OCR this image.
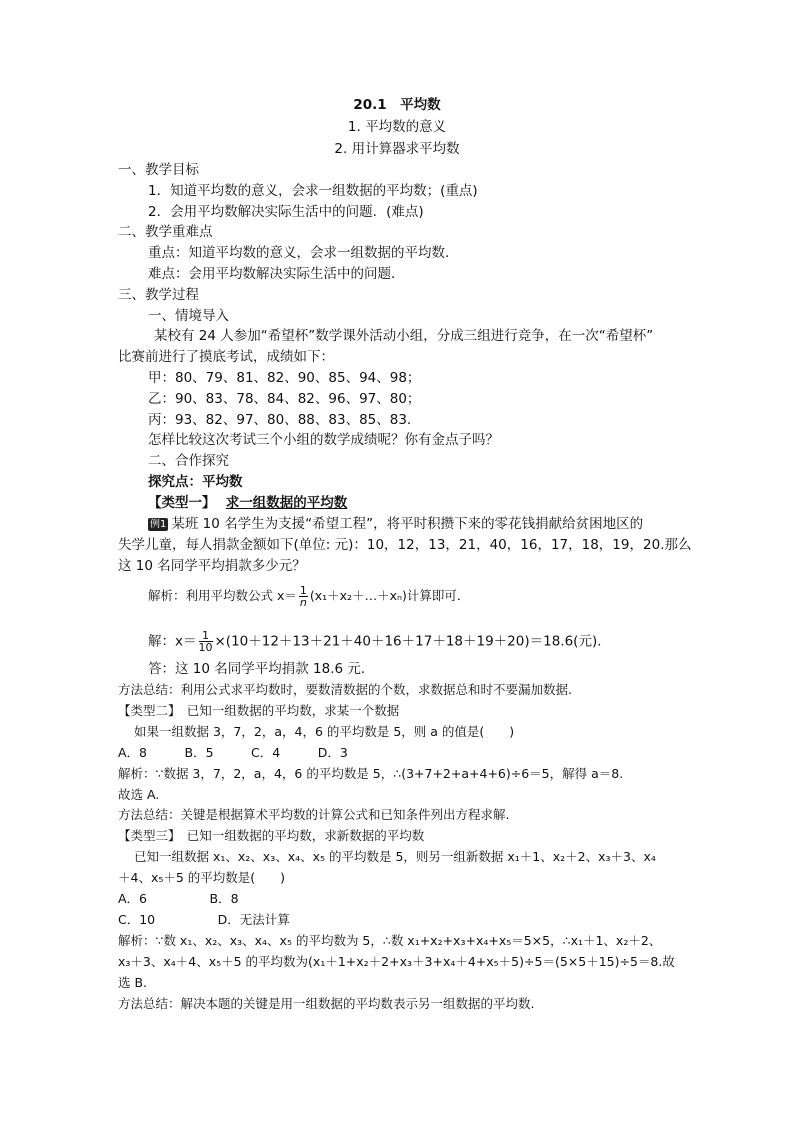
20.1　平均数
1. 平均数的意义
2. 用计算器求平均数
一、教学目标
1．知道平均数的意义，会求一组数据的平均数；(重点)
2．会用平均数解决实际生活中的问题．(难点)
二、教学重难点
重点：知道平均数的意义，会求一组数据的平均数.
难点：会用平均数解决实际生活中的问题．
三、教学过程
一、情境导入
某校有 24 人参加“希望杯”数学课外活动小组，分成三组进行竞争，在一次“希望杯”
比赛前进行了摸底考试，成绩如下：
甲：80、79、81、82、90、85、94、98；
乙：90、83、78、84、82、96、97、80；
丙：93、82、97、80、88、83、85、83.
怎样比较这次考试三个小组的数学成绩呢？你有金点子吗？
二、合作探究
探究点：平均数
【类型一】 求一组数据的平均数
例1 某班 10 名学生为支援“希望工程”，将平时积攒下来的零花钱捐献给贫困地区的
失学儿童，每人捐款金额如下(单位: 元)：10，12，13，21，40，16，17，18，19，20.那么
这 10 名同学平均捐款多少元？
解析：利用平均数公式 $x= \frac{1}{n}$ (x₁＋x₂＋…＋xₙ)计算即可．
解：$x= \frac{1}{10} \times(10+12+13+21+40+16+17+18+19+20)=18.6$(元).
答：这 10 名同学平均捐款 18.6 元．
方法总结：利用公式求平均数时，要数清数据的个数，求数据总和时不要漏加数据.
【类型二】　已知一组数据的平均数，求某一个数据
如果一组数据 3，7，2，a，4，6 的平均数是 5，则 a 的值是(　　)
A．8　　　B．5　　　C．4　　　D．3
解析：∵数据 3，7，2，a，4，6 的平均数是 5，∴(3+7+2+a+4+6)÷6＝5，解得 a＝8.
故选 A.
方法总结：关键是根据算术平均数的计算公式和已知条件列出方程求解.
【类型三】　已知一组数据的平均数，求新数据的平均数
已知一组数据 x₁、x₂、x₃、x₄、x₅ 的平均数是 5，则另一组新数据 x₁＋1、x₂＋2、x₃＋3、x₄
＋4、x₅＋5 的平均数是(　　)
A．6　　　　　B．8
C．10　　　　　D．无法计算
解析：∵数 x₁、x₂、x₃、x₄、x₅ 的平均数为 5，∴数 x₁+x₂+x₃+x₄+x₅＝5×5，∴x₁＋1、x₂＋2、
x₃＋3、x₄＋4、x₅＋5 的平均数为(x₁＋1+x₂＋2+x₃＋3+x₄＋4+x₅＋5)÷5＝(5×5＋15)÷5＝8.故
选 B.
方法总结：解决本题的关键是用一组数据的平均数表示另一组数据的平均数.
